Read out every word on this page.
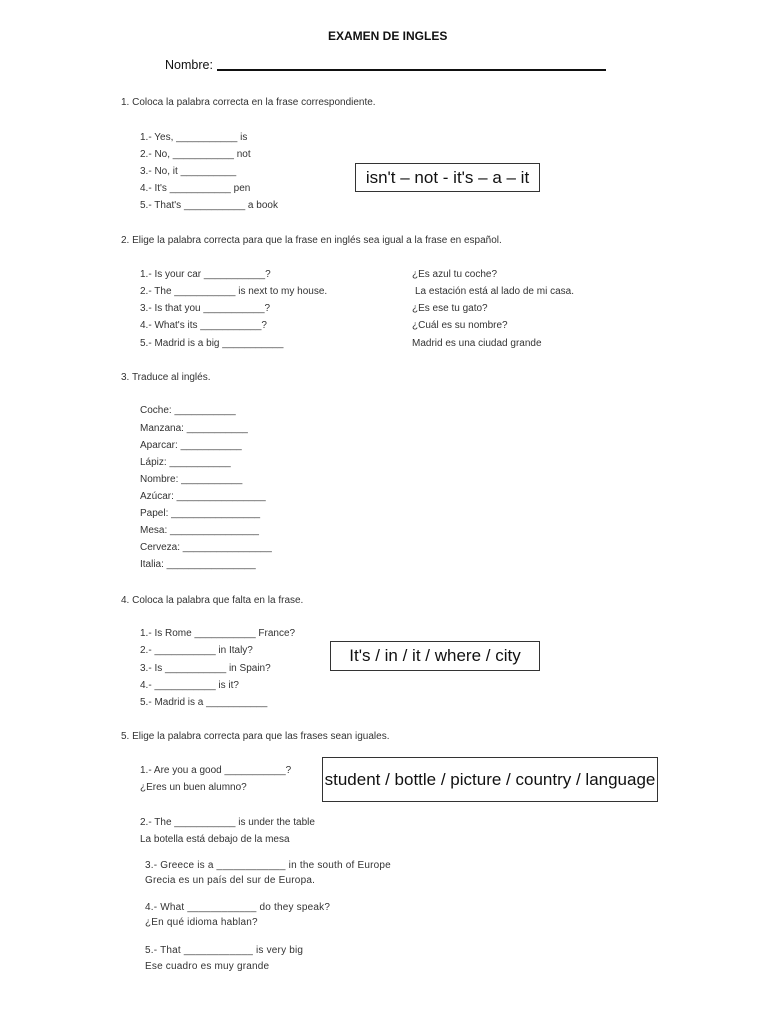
EXAMEN DE INGLES
Nombre:
1. Coloca la palabra correcta en la frase correspondiente.
1.- Yes, ___________ is
2.- No, ___________ not
3.- No, it __________
4.- It's ___________ pen
5.- That's ___________ a book
isn't – not - it's – a – it
2. Elige la palabra correcta para que la frase en inglés sea igual a la frase en español.
1.- Is your car ___________?
2.- The ___________ is next to my house.
3.- Is that you ___________?
4.- What's its ___________?
5.- Madrid is a big ___________
¿Es azul tu coche?
La estación está al lado de mi casa.
¿Es ese tu gato?
¿Cuál es su nombre?
Madrid es una ciudad grande
3. Traduce al inglés.
Coche: ___________
Manzana: ___________
Aparcar: ___________
Lápiz: ___________
Nombre: ___________
Azúcar: ________________
Papel: ________________
Mesa: ________________
Cerveza: ________________
Italia: ________________
4. Coloca la palabra que falta en la frase.
1.- Is Rome ___________ France?
2.- ___________ in Italy?
3.- Is ___________ in Spain?
4.- ___________ is it?
5.- Madrid is a ___________
It's / in / it / where / city
5. Elige la palabra correcta para que las frases sean iguales.
student / bottle / picture / country / language
1.- Are you a good ___________?
¿Eres un buen alumno?
2.- The ___________ is under the table
La botella está debajo de la mesa
3.- Greece is a ____________ in the south of Europe
Grecia es un país del sur de Europa.
4.- What ____________ do they speak?
¿En qué idioma hablan?
5.- That ____________ is very big
Ese cuadro es muy grande
